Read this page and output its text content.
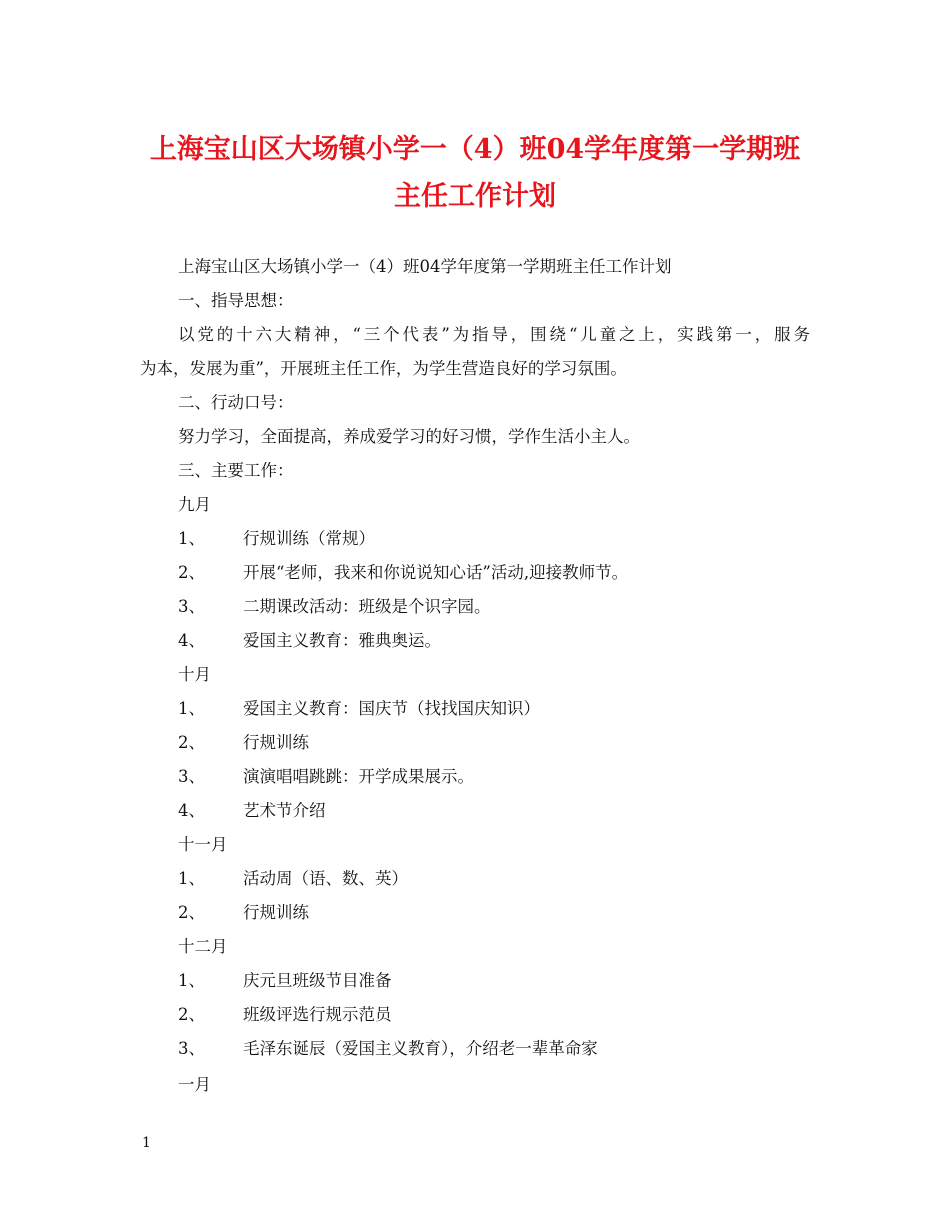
上海宝山区大场镇小学一（4）班04学年度第一学期班
主任工作计划
上海宝山区大场镇小学一（4）班04学年度第一学期班主任工作计划
一、指导思想：
以党的十六大精神，“三个代表”为指导，围绕“儿童之上，实践第一，服务
为本，发展为重”，开展班主任工作，为学生营造良好的学习氛围。
二、行动口号：
努力学习，全面提高，养成爱学习的好习惯，学作生活小主人。
三、主要工作：
九月
1、 行规训练（常规）
2、 开展“老师，我来和你说说知心话”活动,迎接教师节。
3、 二期课改活动：班级是个识字园。
4、 爱国主义教育：雅典奥运。
十月
1、 爱国主义教育：国庆节（找找国庆知识）
2、 行规训练
3、 演演唱唱跳跳：开学成果展示。
4、 艺术节介绍
十一月
1、 活动周（语、数、英）
2、 行规训练
十二月
1、 庆元旦班级节目准备
2、 班级评选行规示范员
3、 毛泽东诞辰（爱国主义教育），介绍老一辈革命家
一月
1
